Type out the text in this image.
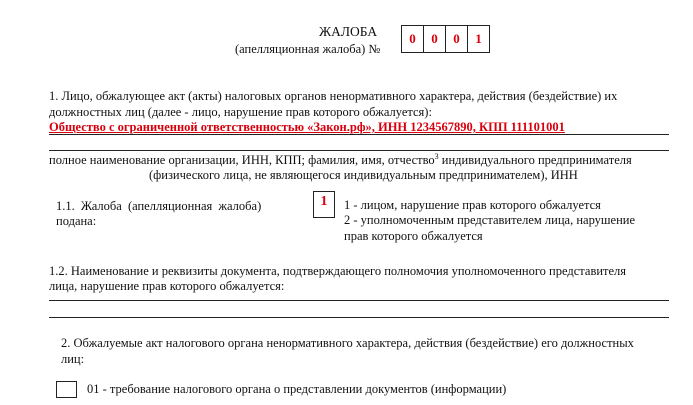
ЖАЛОБА
(апелляционная жалоба) №
0	0	0	1
1. Лицо, обжалующее акт (акты) налоговых органов ненормативного характера, действия (бездействие) их
должностных лиц (далее - лицо, нарушение прав которого обжалуется):
Общество с ограниченной ответственностью «Закон.рф», ИНН 1234567890, КПП 111101001
полное наименование организации, ИНН, КПП; фамилия, имя, отчество$^3$ индивидуального предпринимателя
(физического лица, не являющегося индивидуальным предпринимателем), ИНН
1.1. Жалоба (апелляционная жалоба)
подана:
1	1 - лицом, нарушение прав которого обжалуется
2 - уполномоченным представителем лица, нарушение
прав которого обжалуется
1.2. Наименование и реквизиты документа, подтверждающего полномочия уполномоченного представителя
лица, нарушение прав которого обжалуется:
2. Обжалуемые акт налогового органа ненормативного характера, действия (бездействие) его должностных
лиц:
01 - требование налогового органа о представлении документов (информации)
